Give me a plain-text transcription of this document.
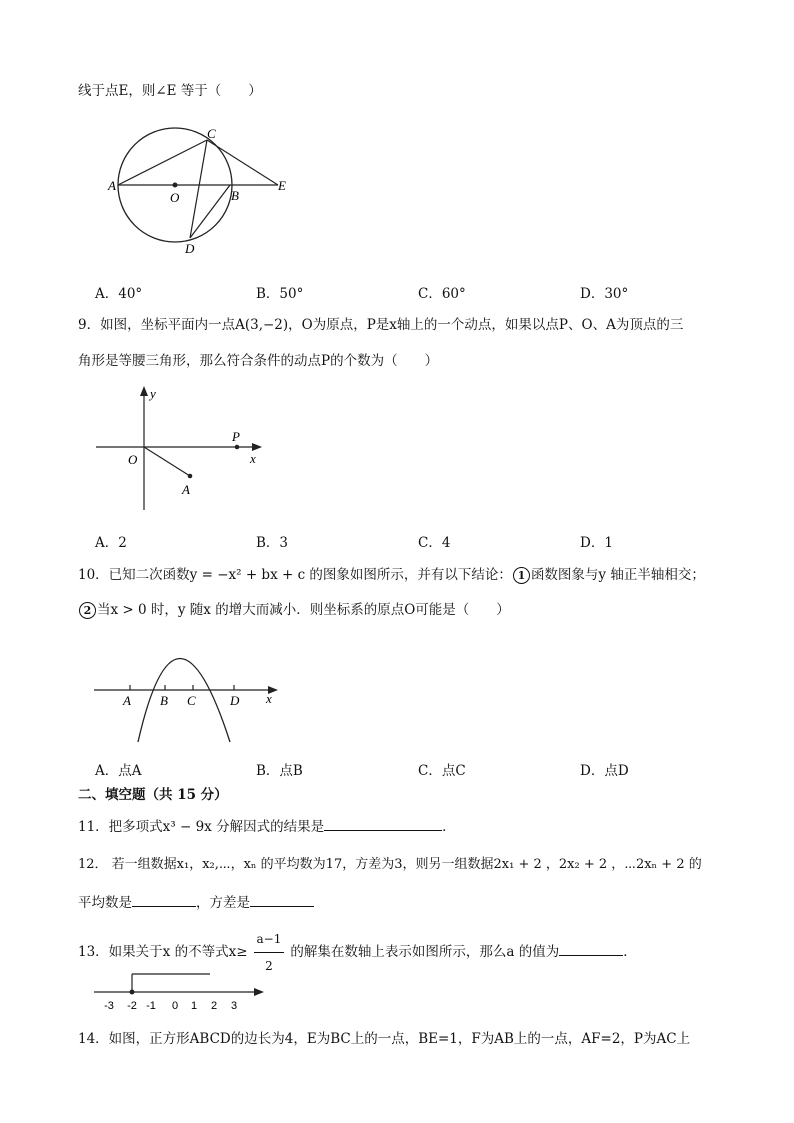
线于点E，则∠E 等于（　　）
A
O
C
B
E
D
A．40°	B．50°	C．60°	D．30°
9．如图，坐标平面内一点A(3,−2)，O为原点，P是x轴上的一个动点，如果以点P、O、A为顶点的三
角形是等腰三角形，那么符合条件的动点P的个数为（　　）
y
x
O
P
A
A．2	B．3	C．4	D．1
10．已知二次函数y = −x² + bx + c 的图象如图所示，并有以下结论： 1 函数图象与y 轴正半轴相交；
2 当x > 0 时，y 随x 的增大而减小．则坐标系的原点O可能是（　　）
A B C	D x
A．点A	B．点B	C．点C	D．点D
二、填空题（共 15 分）
11．把多项式x³ − 9x 分解因式的结果是	．
12． 若一组数据x₁，x₂,⋯，xₙ 的平均数为17，方差为3，则另一组数据2x₁ + 2 ，2x₂ + 2 ，⋯2xₙ + 2 的
平均数是	，方差是
13．如果关于x 的不等式$x\ge \frac{a-1}{2}$ 的解集在数轴上表示如图所示，那么a 的值为	．
-3 -2 -1 0 1 2 3
14．如图，正方形ABCD的边长为4，E为BC上的一点，BE=1，F为AB上的一点，AF=2，P为AC上
